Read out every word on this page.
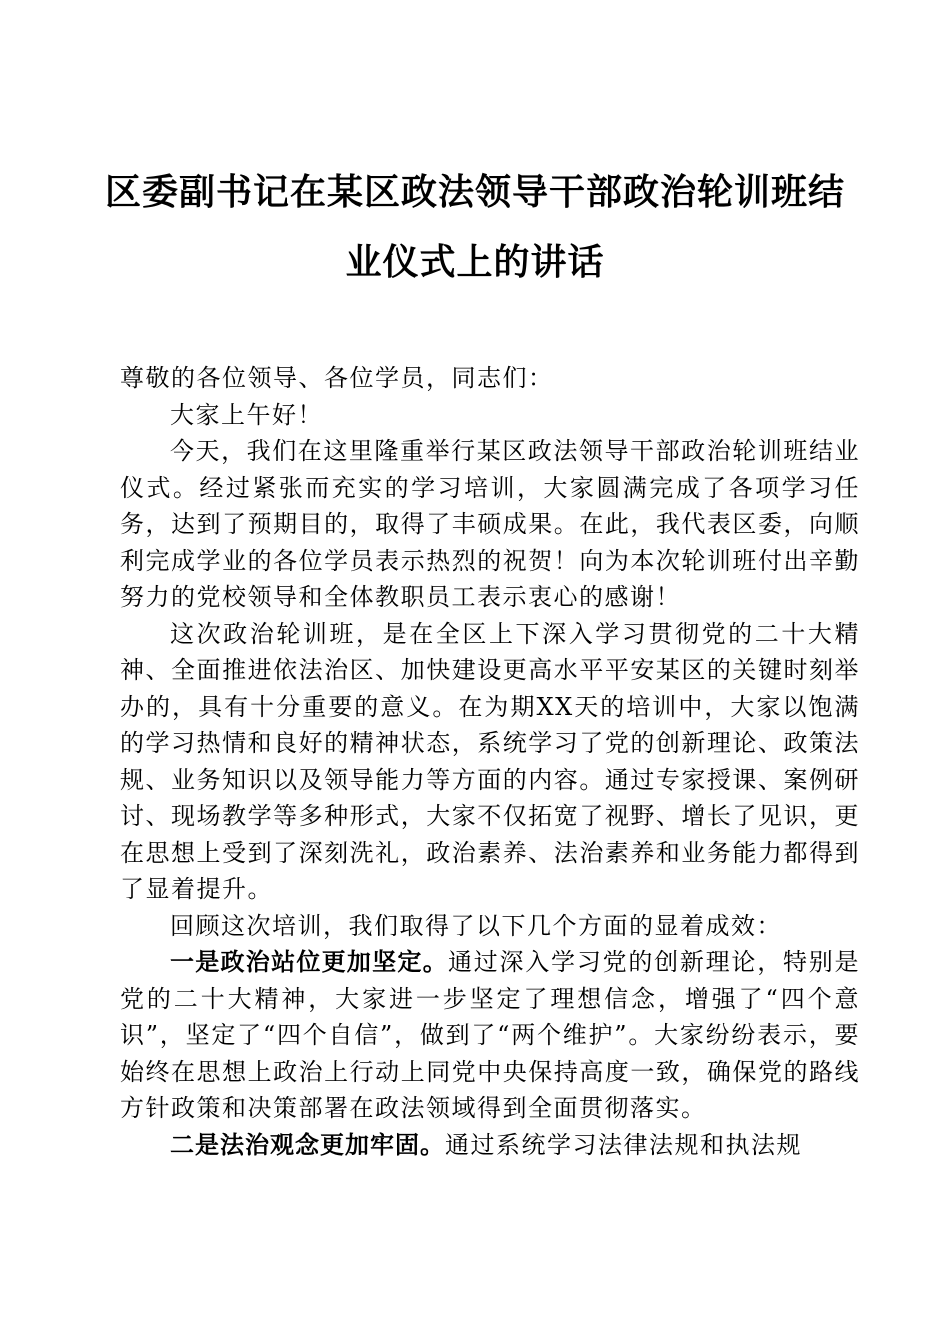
区委副书记在某区政法领导干部政治轮训班结
业仪式上的讲话

尊敬的各位领导、各位学员，同志们：

大家上午好！

今天，我们在这里隆重举行某区政法领导干部政治轮训班结业仪式。经过紧张而充实的学习培训，大家圆满完成了各项学习任务，达到了预期目的，取得了丰硕成果。在此，我代表区委，向顺利完成学业的各位学员表示热烈的祝贺！向为本次轮训班付出辛勤努力的党校领导和全体教职员工表示衷心的感谢！

这次政治轮训班，是在全区上下深入学习贯彻党的二十大精神、全面推进依法治区、加快建设更高水平平安某区的关键时刻举办的，具有十分重要的意义。在为期XX天的培训中，大家以饱满的学习热情和良好的精神状态，系统学习了党的创新理论、政策法规、业务知识以及领导能力等方面的内容。通过专家授课、案例研讨、现场教学等多种形式，大家不仅拓宽了视野、增长了见识，更在思想上受到了深刻洗礼，政治素养、法治素养和业务能力都得到了显着提升。

回顾这次培训，我们取得了以下几个方面的显着成效：

一是政治站位更加坚定。通过深入学习党的创新理论，特别是党的二十大精神，大家进一步坚定了理想信念，增强了“四个意识”，坚定了“四个自信”，做到了“两个维护”。大家纷纷表示，要始终在思想上政治上行动上同党中央保持高度一致，确保党的路线方针政策和决策部署在政法领域得到全面贯彻落实。

二是法治观念更加牢固。通过系统学习法律法规和执法规
